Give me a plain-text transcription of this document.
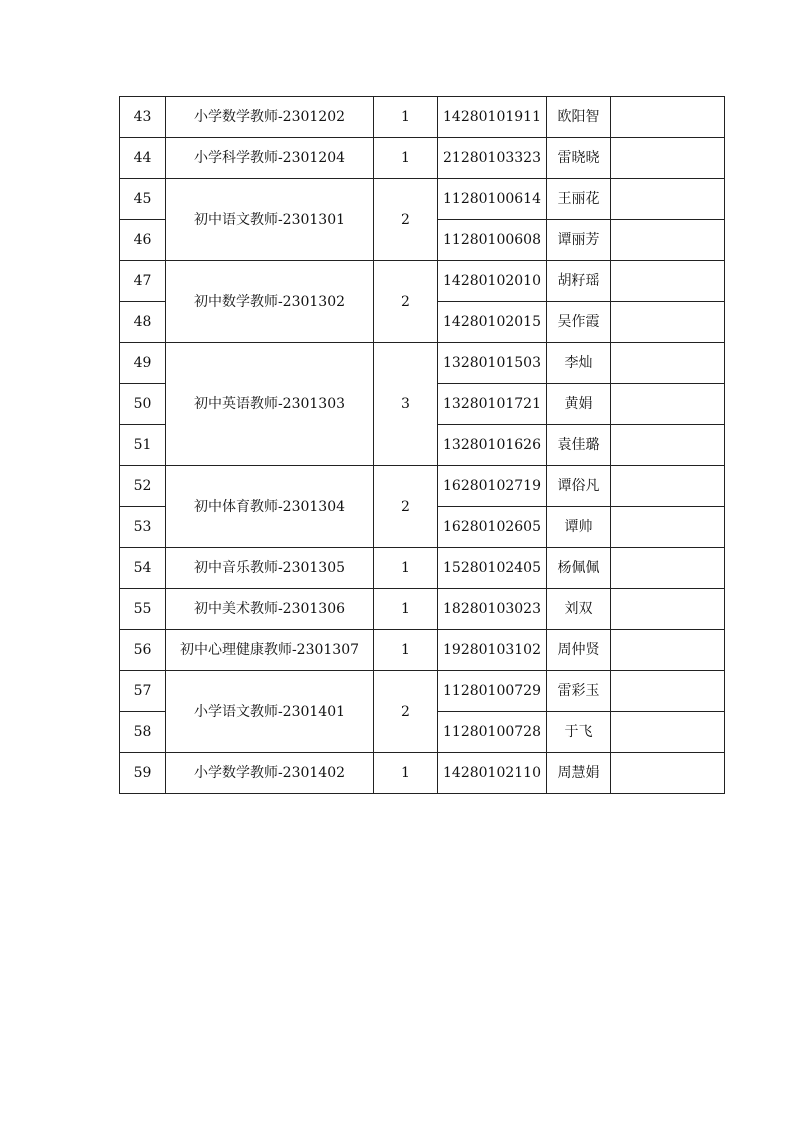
43	小学数学教师-2301202	1	14280101911	欧阳智	
44	小学科学教师-2301204	1	21280103323	雷晓晓	
45	初中语文教师-2301301	2	11280100614	王丽花	
46			11280100608	谭丽芳	
47	初中数学教师-2301302	2	14280102010	胡籽瑶	
48			14280102015	吴作霞	
49	初中英语教师-2301303	3	13280101503	李灿	
50			13280101721	黄娟	
51			13280101626	袁佳璐	
52	初中体育教师-2301304	2	16280102719	谭俗凡	
53			16280102605	谭帅	
54	初中音乐教师-2301305	1	15280102405	杨佩佩	
55	初中美术教师-2301306	1	18280103023	刘双	
56	初中心理健康教师-2301307	1	19280103102	周仲贤	
57	小学语文教师-2301401	2	11280100729	雷彩玉	
58			11280100728	于飞	
59	小学数学教师-2301402	1	14280102110	周慧娟	
